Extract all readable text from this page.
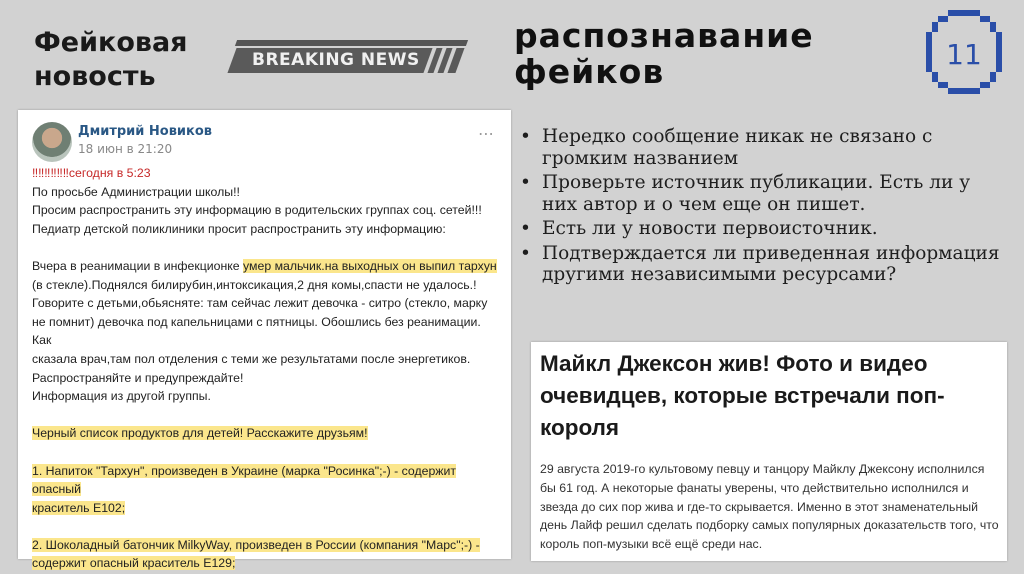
Фейковая
новость
BREAKING NEWS
распознавание
фейков	11
Дмитрий Новиков
18 июн в 21:20
⋯

‼‼‼‼‼‼сегодня в 5:23

По просьбе Администрации школы!!

Просим распространить эту информацию в родительских группах соц. сетей!!!

Педиатр детской поликлиники просит распространить эту информацию:

Вчера в реанимации в инфекционке умер мальчик.на выходных он выпил тархун

(в стекле).Поднялся билирубин,интоксикация,2 дня комы,спасти не удалось.!

Говорите с детьми,обьясняте: там сейчас лежит девочка - ситро (стекло, марку

не помнит) девочка под капельницами с пятницы. Обошлись без реанимации. Как

сказала врач,там пол отделения с теми же результатами после энергетиков.

Распространяйте и предупреждайте!

Информация из другой группы.

Черный список продуктов для детей! Расскажите друзьям!

1. Напиток "Тархун", произведен в Украине (марка "Росинка";-) - содержит опасный

краситель Е102;

2. Шоколадный батончик MilkyWay, произведен в России (компания "Марс";-) -

содержит опасный краситель Е129;

• Нередко сообщение никак не связано с громким названием
• Проверьте источник публикации. Есть ли у них автор и о чем еще он пишет.
• Есть ли у новости первоисточник.
• Подтверждается ли приведенная информация другими независимыми ресурсами?
Майкл Джексон жив! Фото и видео очевидцев, которые встречали поп-короля
29 августа 2019-го культовому певцу и танцору Майклу Джексону исполнился бы 61 год. А некоторые фанаты уверены, что действительно исполнился и звезда до сих пор жива и где-то скрывается. Именно в этот знаменательный день Лайф решил сделать подборку самых популярных доказательств того, что король поп-музыки всё ещё среди нас.
